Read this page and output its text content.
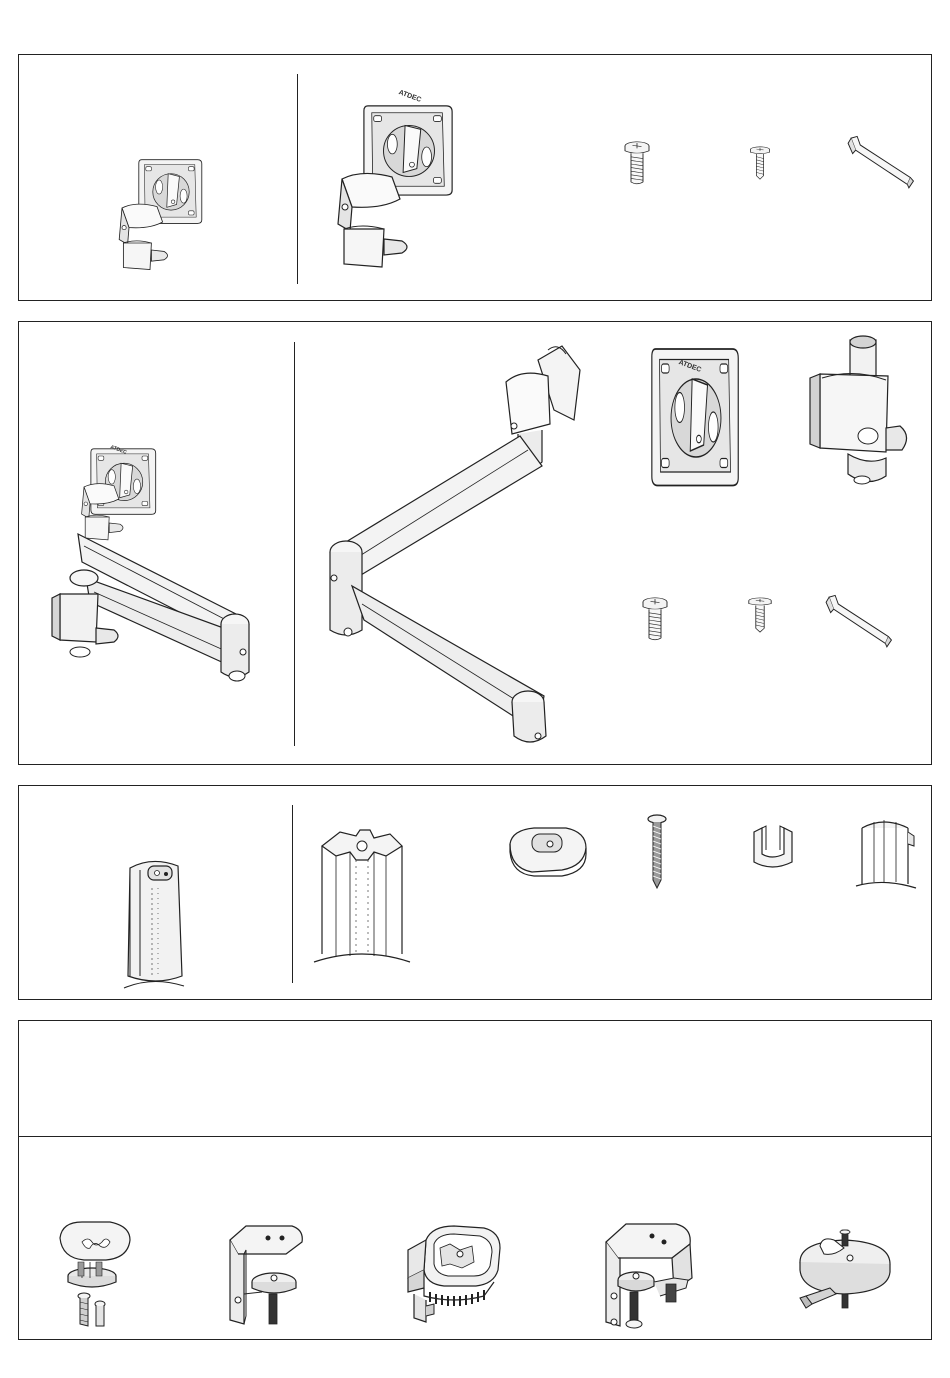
ATDEC
ATDEC
ATDEC
